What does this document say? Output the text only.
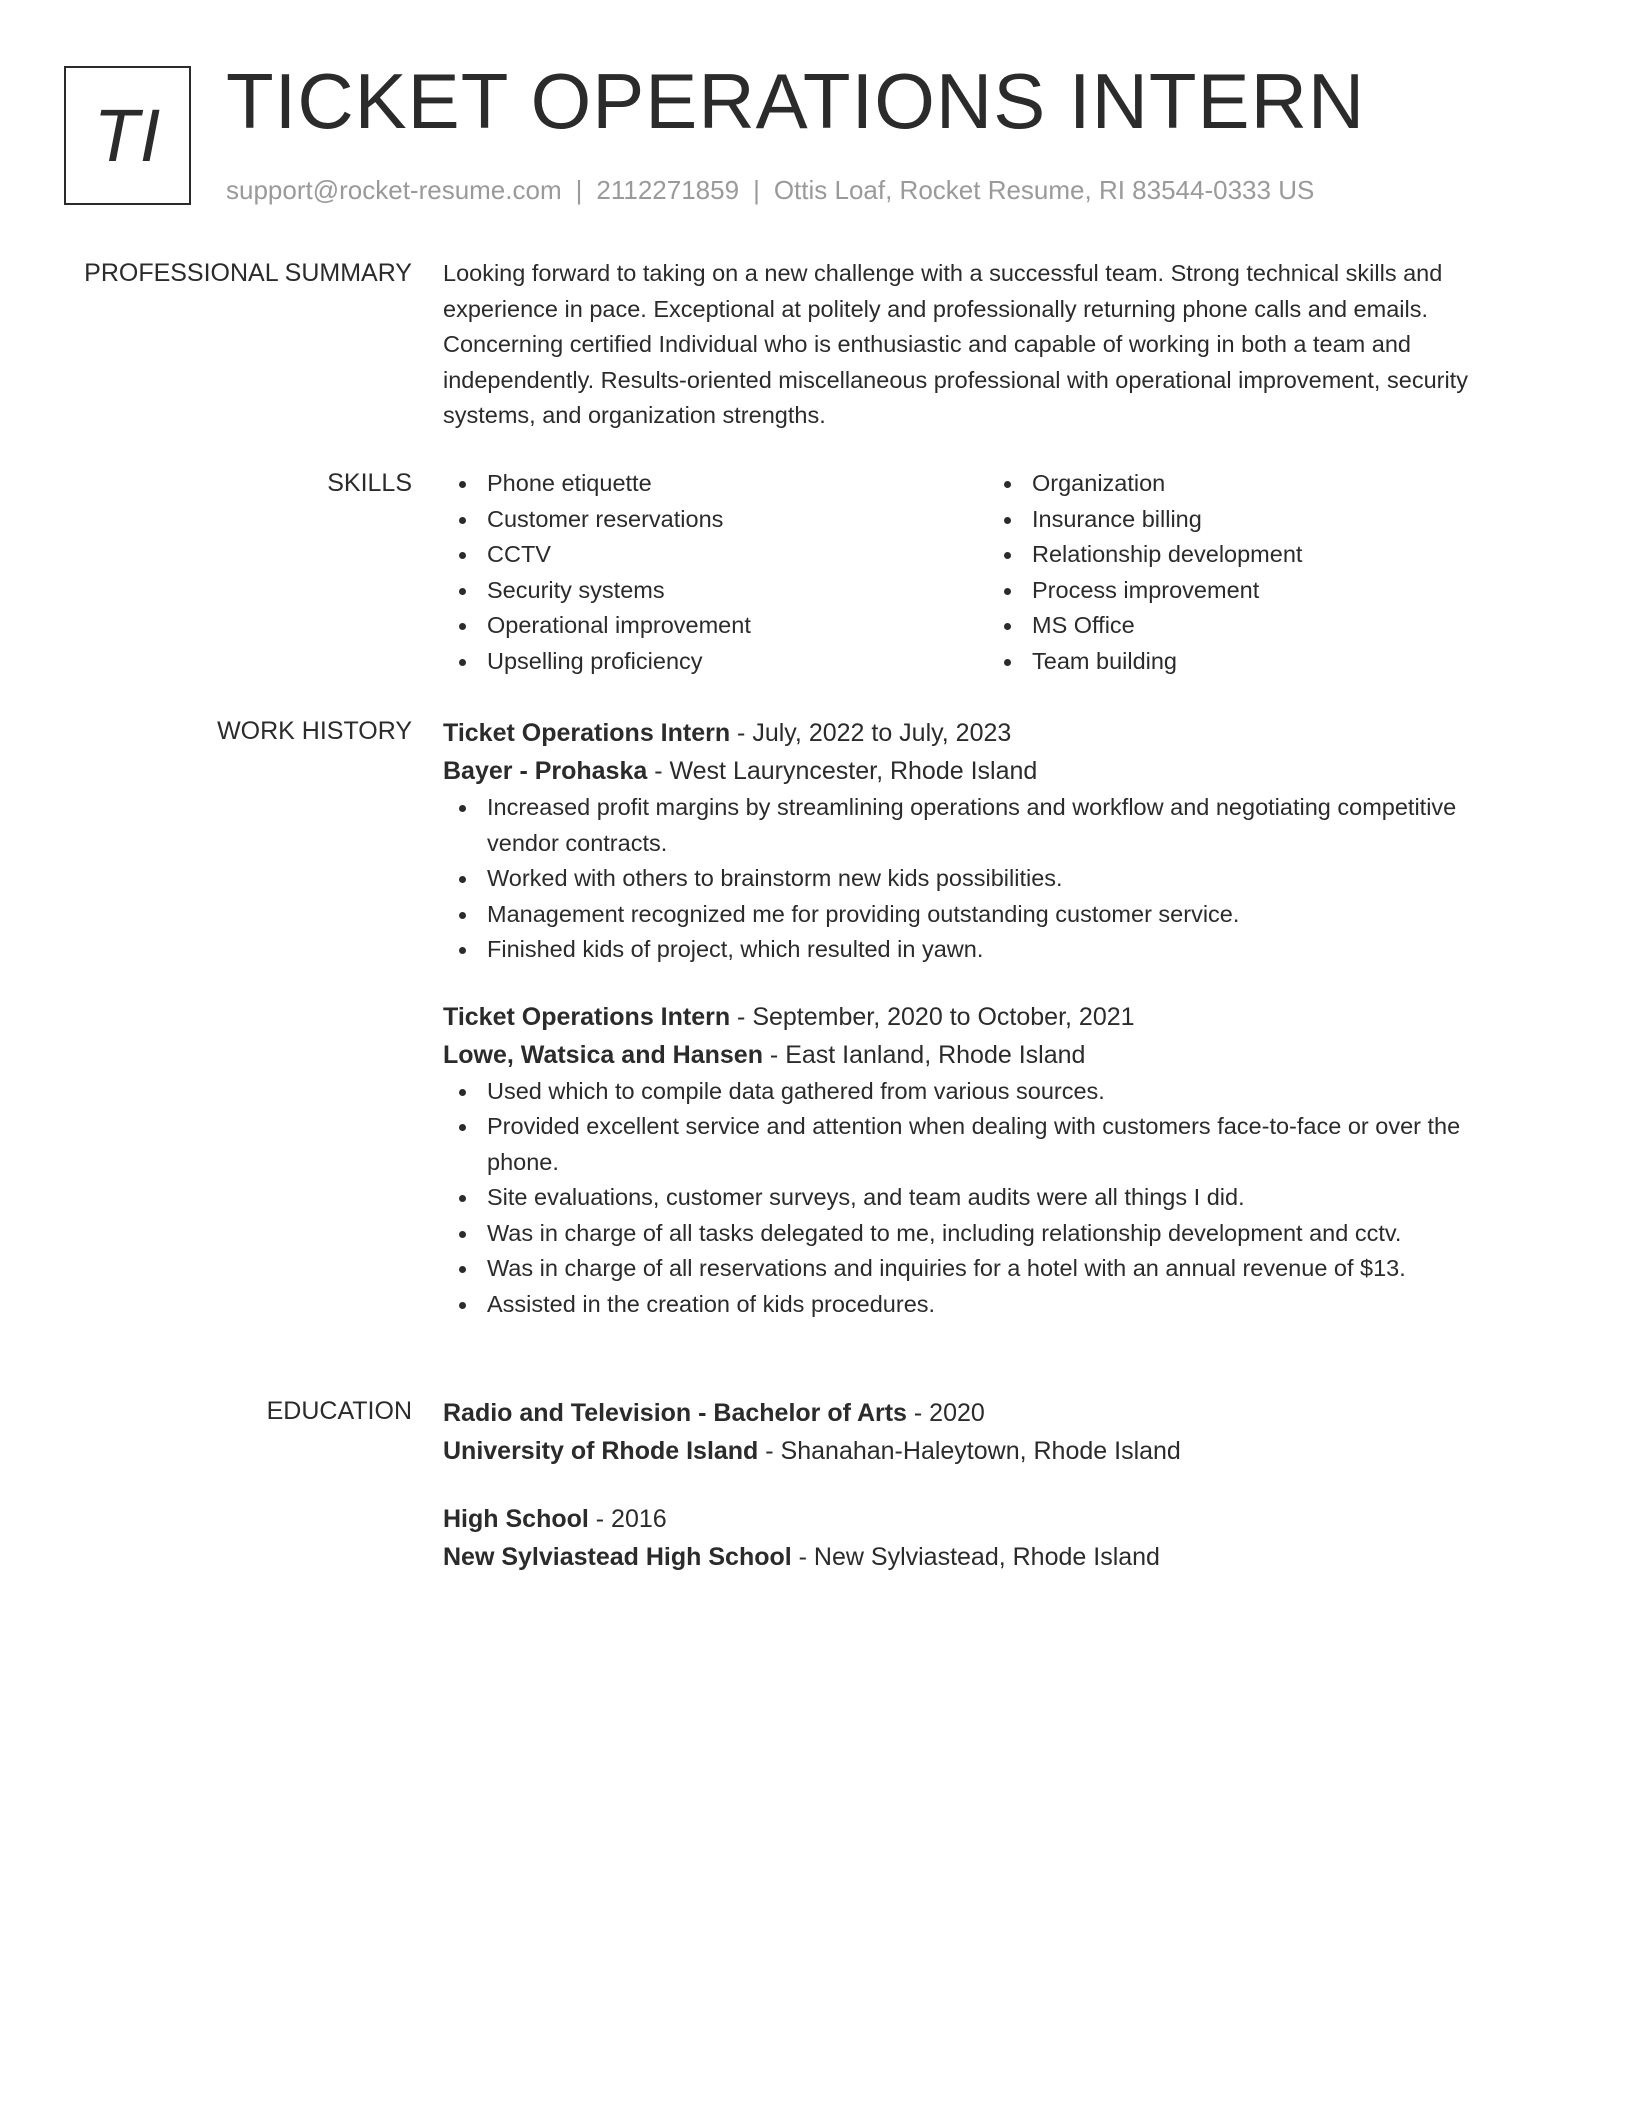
TI TICKET OPERATIONS INTERN
support@rocket-resume.com | 2112271859 | Ottis Loaf, Rocket Resume, RI 83544-0333 US
PROFESSIONAL SUMMARY Looking forward to taking on a new challenge with a successful team. Strong technical skills and experience in pace. Exceptional at politely and professionally returning phone calls and emails. Concerning certified Individual who is enthusiastic and capable of working in both a team and independently. Results-oriented miscellaneous professional with operational improvement, security systems, and organization strengths.

SKILLS	Phone etiquette
Customer reservations
CCTV
Security systems
Operational improvement
Upselling proficiency
Organization
Insurance billing
Relationship development
Process improvement
MS Office
Team building
WORK HISTORY Ticket Operations Intern - July, 2022 to July, 2023
Bayer - Prohaska - West Lauryncester, Rhode Island
Increased profit margins by streamlining operations and workflow and negotiating competitive vendor contracts.
Worked with others to brainstorm new kids possibilities.
Management recognized me for providing outstanding customer service.
Finished kids of project, which resulted in yawn.
Ticket Operations Intern - September, 2020 to October, 2021
Lowe, Watsica and Hansen - East Ianland, Rhode Island
Used which to compile data gathered from various sources.
Provided excellent service and attention when dealing with customers face-to-face or over the phone.
Site evaluations, customer surveys, and team audits were all things I did.
Was in charge of all tasks delegated to me, including relationship development and cctv.
Was in charge of all reservations and inquiries for a hotel with an annual revenue of $13.
Assisted in the creation of kids procedures.
EDUCATION Radio and Television - Bachelor of Arts - 2020
University of Rhode Island - Shanahan-Haleytown, Rhode Island
High School - 2016
New Sylviastead High School - New Sylviastead, Rhode Island
